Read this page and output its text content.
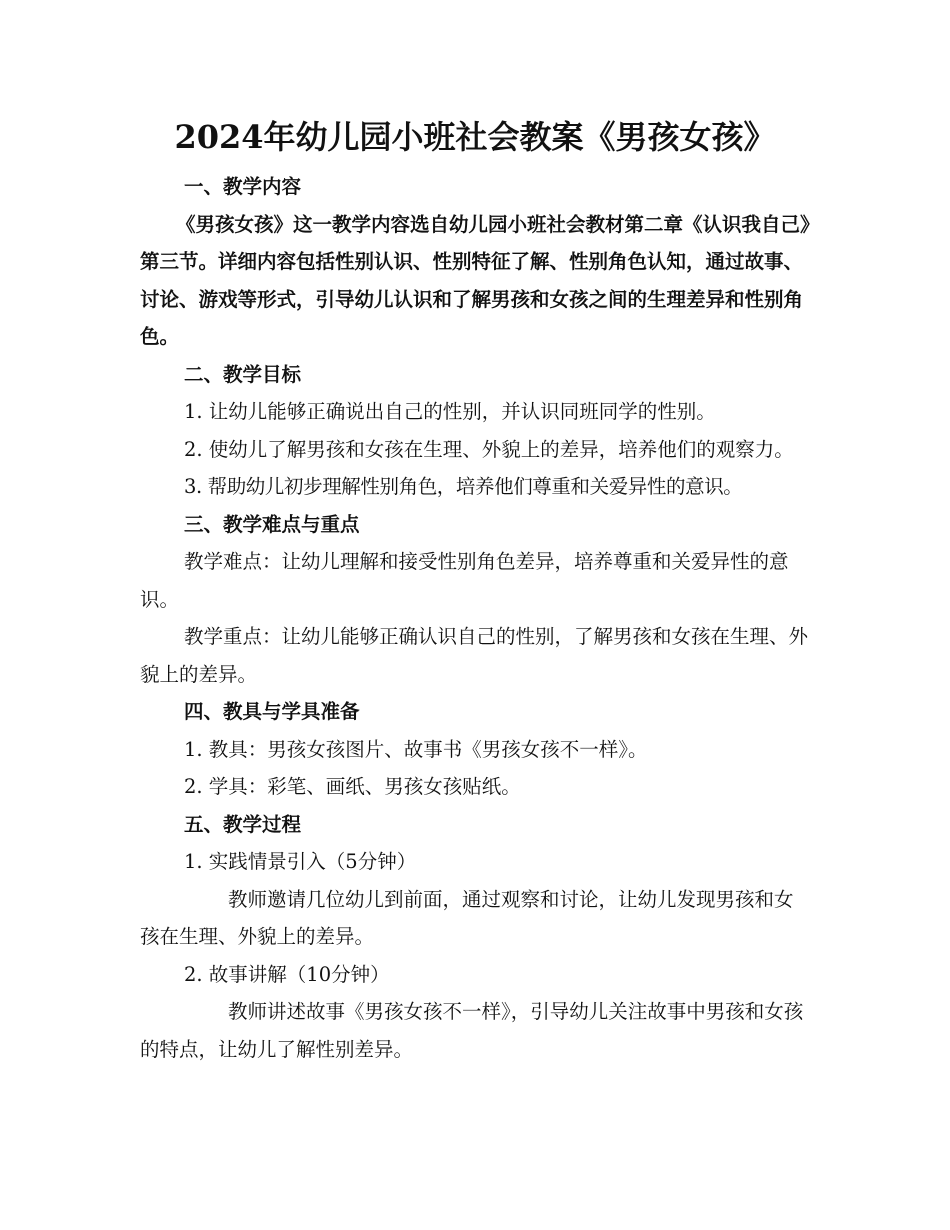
2024年幼儿园小班社会教案《男孩女孩》

一、教学内容

《男孩女孩》这一教学内容选自幼儿园小班社会教材第二章《认识我自己》第三节。详细内容包括性别认识、性别特征了解、性别角色认知，通过故事、讨论、游戏等形式，引导幼儿认识和了解男孩和女孩之间的生理差异和性别角色。

二、教学目标

1. 让幼儿能够正确说出自己的性别，并认识同班同学的性别。

2. 使幼儿了解男孩和女孩在生理、外貌上的差异，培养他们的观察力。

3. 帮助幼儿初步理解性别角色，培养他们尊重和关爱异性的意识。

三、教学难点与重点

教学难点：让幼儿理解和接受性别角色差异，培养尊重和关爱异性的意识。

教学重点：让幼儿能够正确认识自己的性别，了解男孩和女孩在生理、外貌上的差异。

四、教具与学具准备

1. 教具：男孩女孩图片、故事书《男孩女孩不一样》。

2. 学具：彩笔、画纸、男孩女孩贴纸。

五、教学过程

1. 实践情景引入（5分钟）

教师邀请几位幼儿到前面，通过观察和讨论，让幼儿发现男孩和女孩在生理、外貌上的差异。

2. 故事讲解（10分钟）

教师讲述故事《男孩女孩不一样》，引导幼儿关注故事中男孩和女孩的特点，让幼儿了解性别差异。
